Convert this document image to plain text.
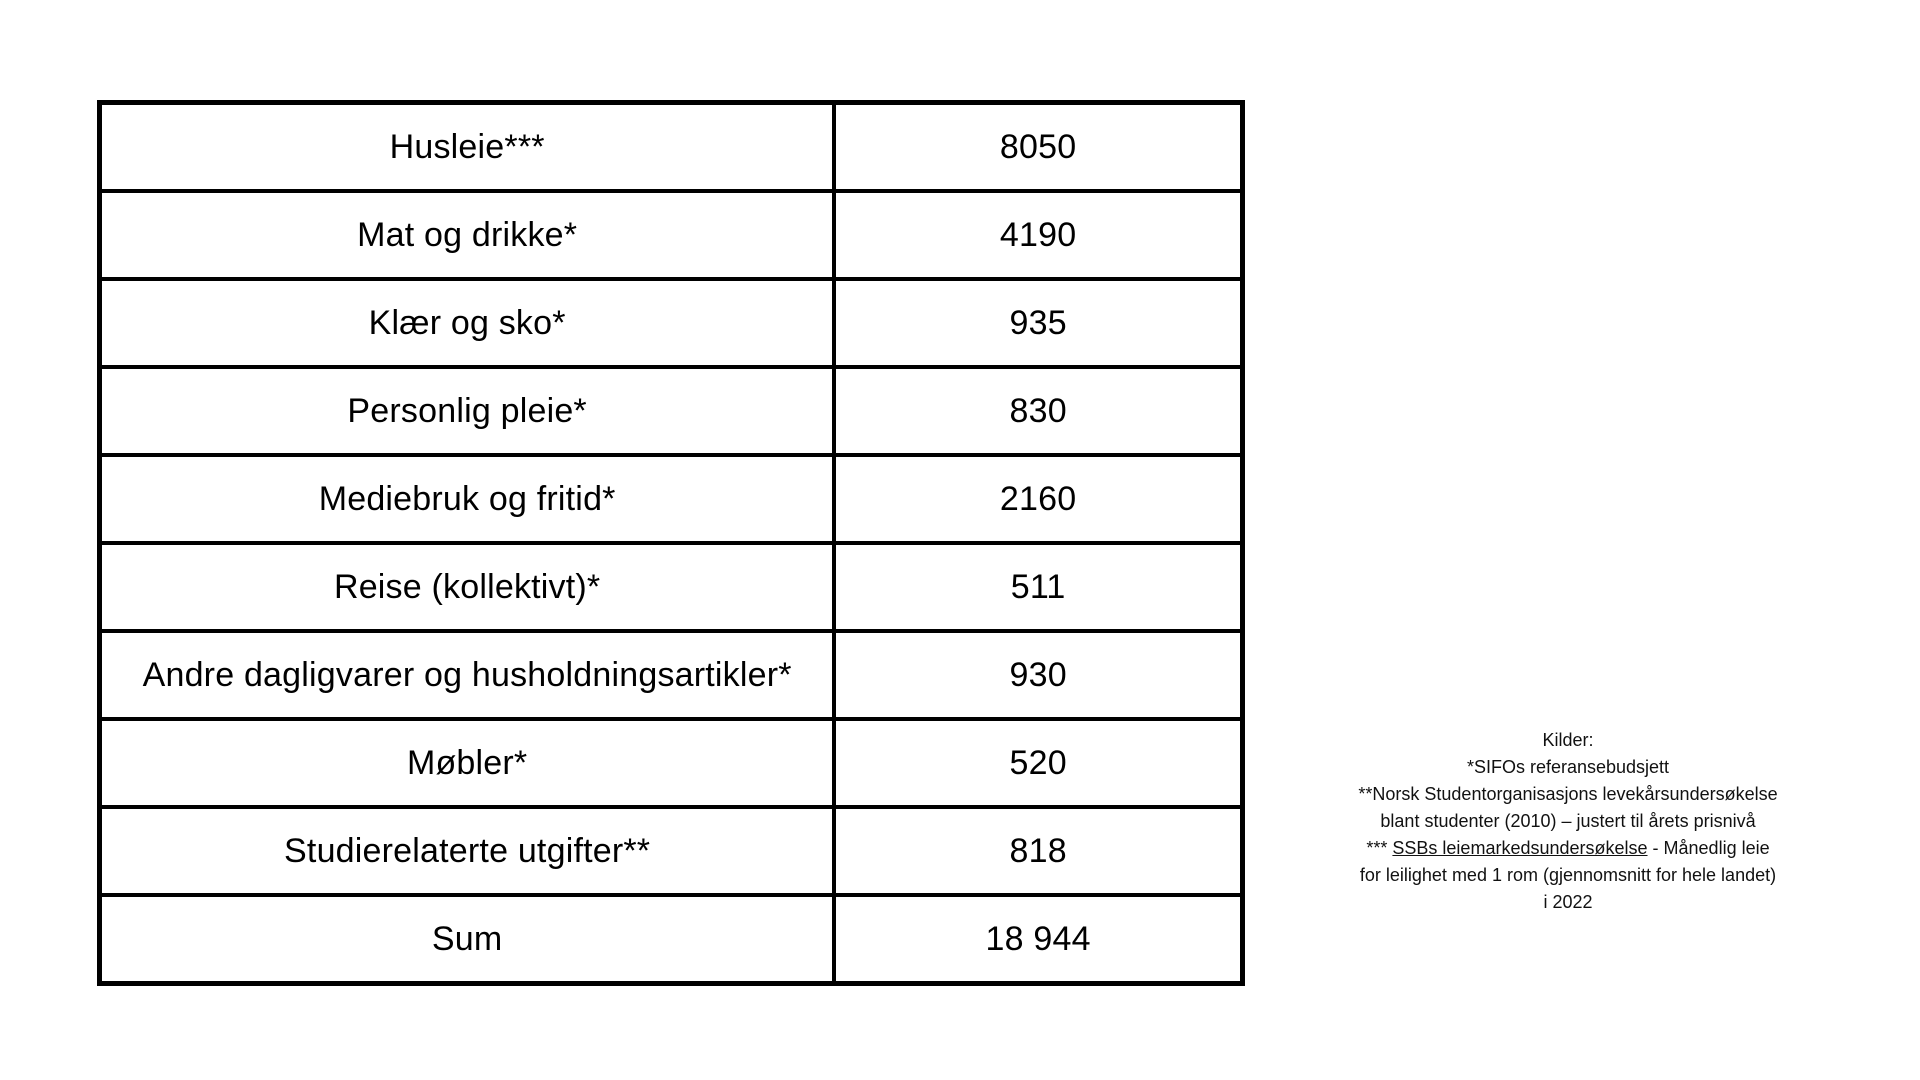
Husleie***	8050
Mat og drikke*	4190
Klær og sko*	935
Personlig pleie*	830
Mediebruk og fritid*	2160
Reise (kollektivt)*	511
Andre dagligvarer og husholdningsartikler*	930
Møbler*	520
Studierelaterte utgifter**	818
Sum	18 944
Kilder:
*SIFOs referansebudsjett
**Norsk Studentorganisasjons levekårsundersøkelse
blant studenter (2010) – justert til årets prisnivå
*** SSBs leiemarkedsundersøkelse - Månedlig leie
for leilighet med 1 rom (gjennomsnitt for hele landet)
i 2022
